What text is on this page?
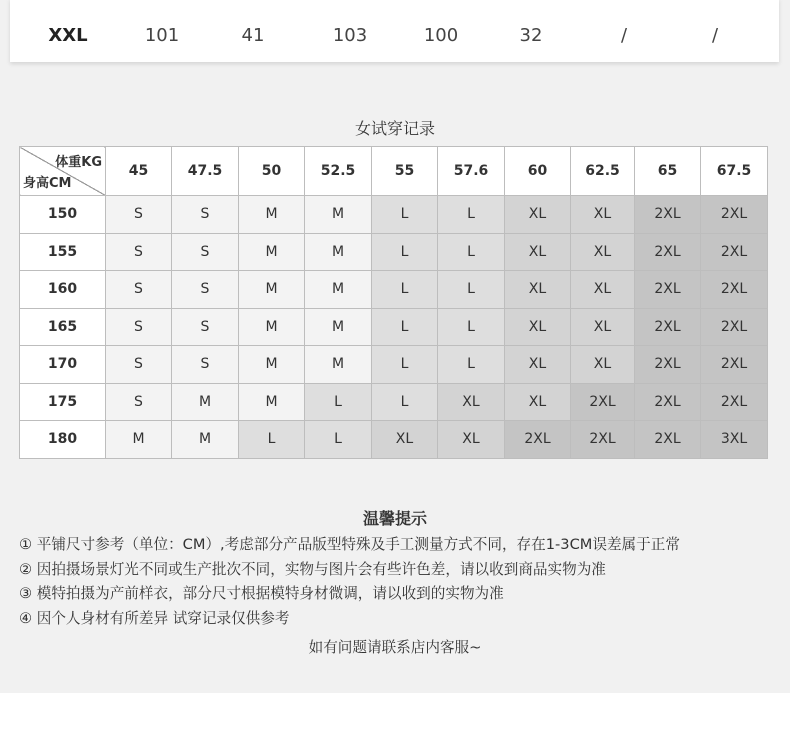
XXL	101	41	103	100	32	/	/
女试穿记录
体重KG
身高CM	45	47.5	50	52.5	55	57.6	60	62.5	65	67.5
150	S	S	M	M	L	L	XL	XL	2XL	2XL
155	S	S	M	M	L	L	XL	XL	2XL	2XL
160	S	S	M	M	L	L	XL	XL	2XL	2XL
165	S	S	M	M	L	L	XL	XL	2XL	2XL
170	S	S	M	M	L	L	XL	XL	2XL	2XL
175	S	M	M	L	L	XL	XL	2XL	2XL	2XL
180	M	M	L	L	XL	XL	2XL	2XL	2XL	3XL
温馨提示
① 平铺尺寸参考（单位：CM）,考虑部分产品版型特殊及手工测量方式不同，存在1-3CM误差属于正常
② 因拍摄场景灯光不同或生产批次不同，实物与图片会有些许色差，请以收到商品实物为准
③ 模特拍摄为产前样衣，部分尺寸根据模特身材微调，请以收到的实物为准
④ 因个人身材有所差异 试穿记录仅供参考
如有问题请联系店内客服~
